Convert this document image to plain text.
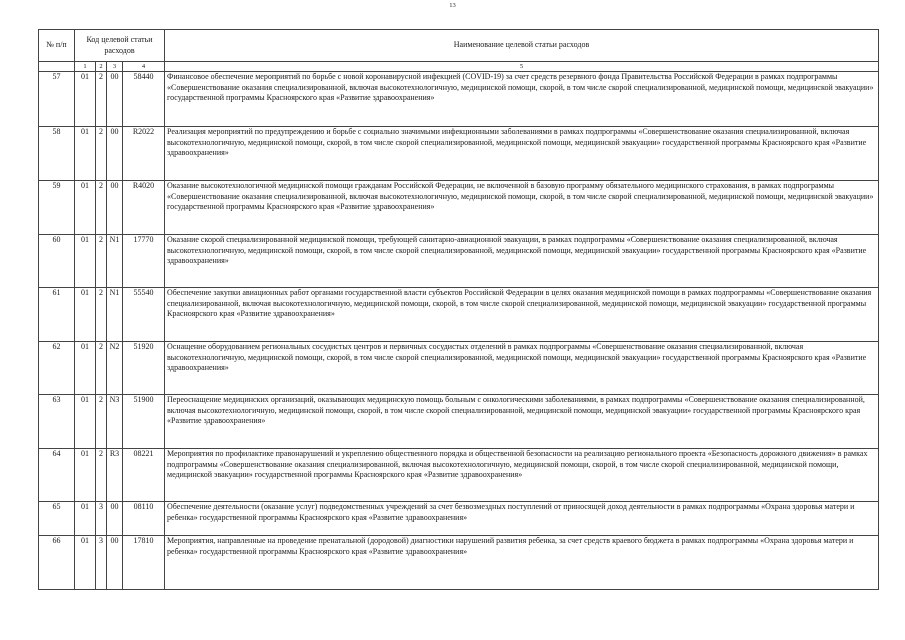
13
№ п/п	Код целевой статьи расходов				Наименование целевой статьи расходов
	1	2	3	4	5
57	01	2	00	58440	Финансовое обеспечение мероприятий по борьбе с новой коронавирусной инфекцией (COVID-19) за счет средств резервного фонда Правительства Российской Федерации в рамках подпрограммы «Совершенствование оказания специализированной, включая высокотехнологичную, медицинской помощи, скорой, в том числе скорой специализированной, медицинской помощи, медицинской эвакуации» государственной программы Красноярского края «Развитие здравоохранения»
58	01	2	00	R2022	Реализация мероприятий по предупреждению и борьбе с социально значимыми инфекционными заболеваниями в рамках подпрограммы «Совершенствование оказания специализированной, включая высокотехнологичную, медицинской помощи, скорой, в том числе скорой специализированной, медицинской помощи, медицинской эвакуации» государственной программы Красноярского края «Развитие здравоохранения»
59	01	2	00	R4020	Оказание высокотехнологичной медицинской помощи гражданам Российской Федерации, не включенной в базовую программу обязательного медицинского страхования, в рамках подпрограммы «Совершенствование оказания специализированной, включая высокотехнологичную, медицинской помощи, скорой, в том числе скорой специализированной, медицинской помощи, медицинской эвакуации» государственной программы Красноярского края «Развитие здравоохранения»
60	01	2	N1	17770	Оказание скорой специализированной медицинской помощи, требующей санитарно-авиационной эвакуации, в рамках подпрограммы «Совершенствование оказания специализированной, включая высокотехнологичную, медицинской помощи, скорой, в том числе скорой специализированной, медицинской помощи, медицинской эвакуации» государственной программы Красноярского края «Развитие здравоохранения»
61	01	2	N1	55540	Обеспечение закупки авиационных работ органами государственной власти субъектов Российской Федерации в целях оказания медицинской помощи в рамках подпрограммы «Совершенствование оказания специализированной, включая высокотехнологичную, медицинской помощи, скорой, в том числе скорой специализированной, медицинской помощи, медицинской эвакуации» государственной программы Красноярского края «Развитие здравоохранения»
62	01	2	N2	51920	Оснащение оборудованием региональных сосудистых центров и первичных сосудистых отделений в рамках подпрограммы «Совершенствование оказания специализированной, включая высокотехнологичную, медицинской помощи, скорой, в том числе скорой специализированной, медицинской помощи, медицинской эвакуации» государственной программы Красноярского края «Развитие здравоохранения»
63	01	2	N3	51900	Переоснащение медицинских организаций, оказывающих медицинскую помощь больным с онкологическими заболеваниями, в рамках подпрограммы «Совершенствование оказания специализированной, включая высокотехнологичную, медицинской помощи, скорой, в том числе скорой специализированной, медицинской помощи, медицинской эвакуации» государственной программы Красноярского края «Развитие здравоохранения»
64	01	2	R3	08221	Мероприятия по профилактике правонарушений и укреплению общественного порядка и общественной безопасности на реализацию регионального проекта «Безопасность дорожного движения» в рамках подпрограммы «Совершенствование оказания специализированной, включая высокотехнологичную, медицинской помощи, скорой, в том числе скорой специализированной, медицинской помощи, медицинской эвакуации» государственной программы Красноярского края «Развитие здравоохранения»
65	01	3	00	08110	Обеспечение деятельности (оказание услуг) подведомственных учреждений за счет безвозмездных поступлений от приносящей доход деятельности в рамках подпрограммы «Охрана здоровья матери и ребенка» государственной программы Красноярского края «Развитие здравоохранения»
66	01	3	00	17810	Мероприятия, направленные на проведение пренатальной (дородовой) диагностики нарушений развития ребенка, за счет средств краевого бюджета в рамках подпрограммы «Охрана здоровья матери и ребенка» государственной программы Красноярского края «Развитие здравоохранения»
